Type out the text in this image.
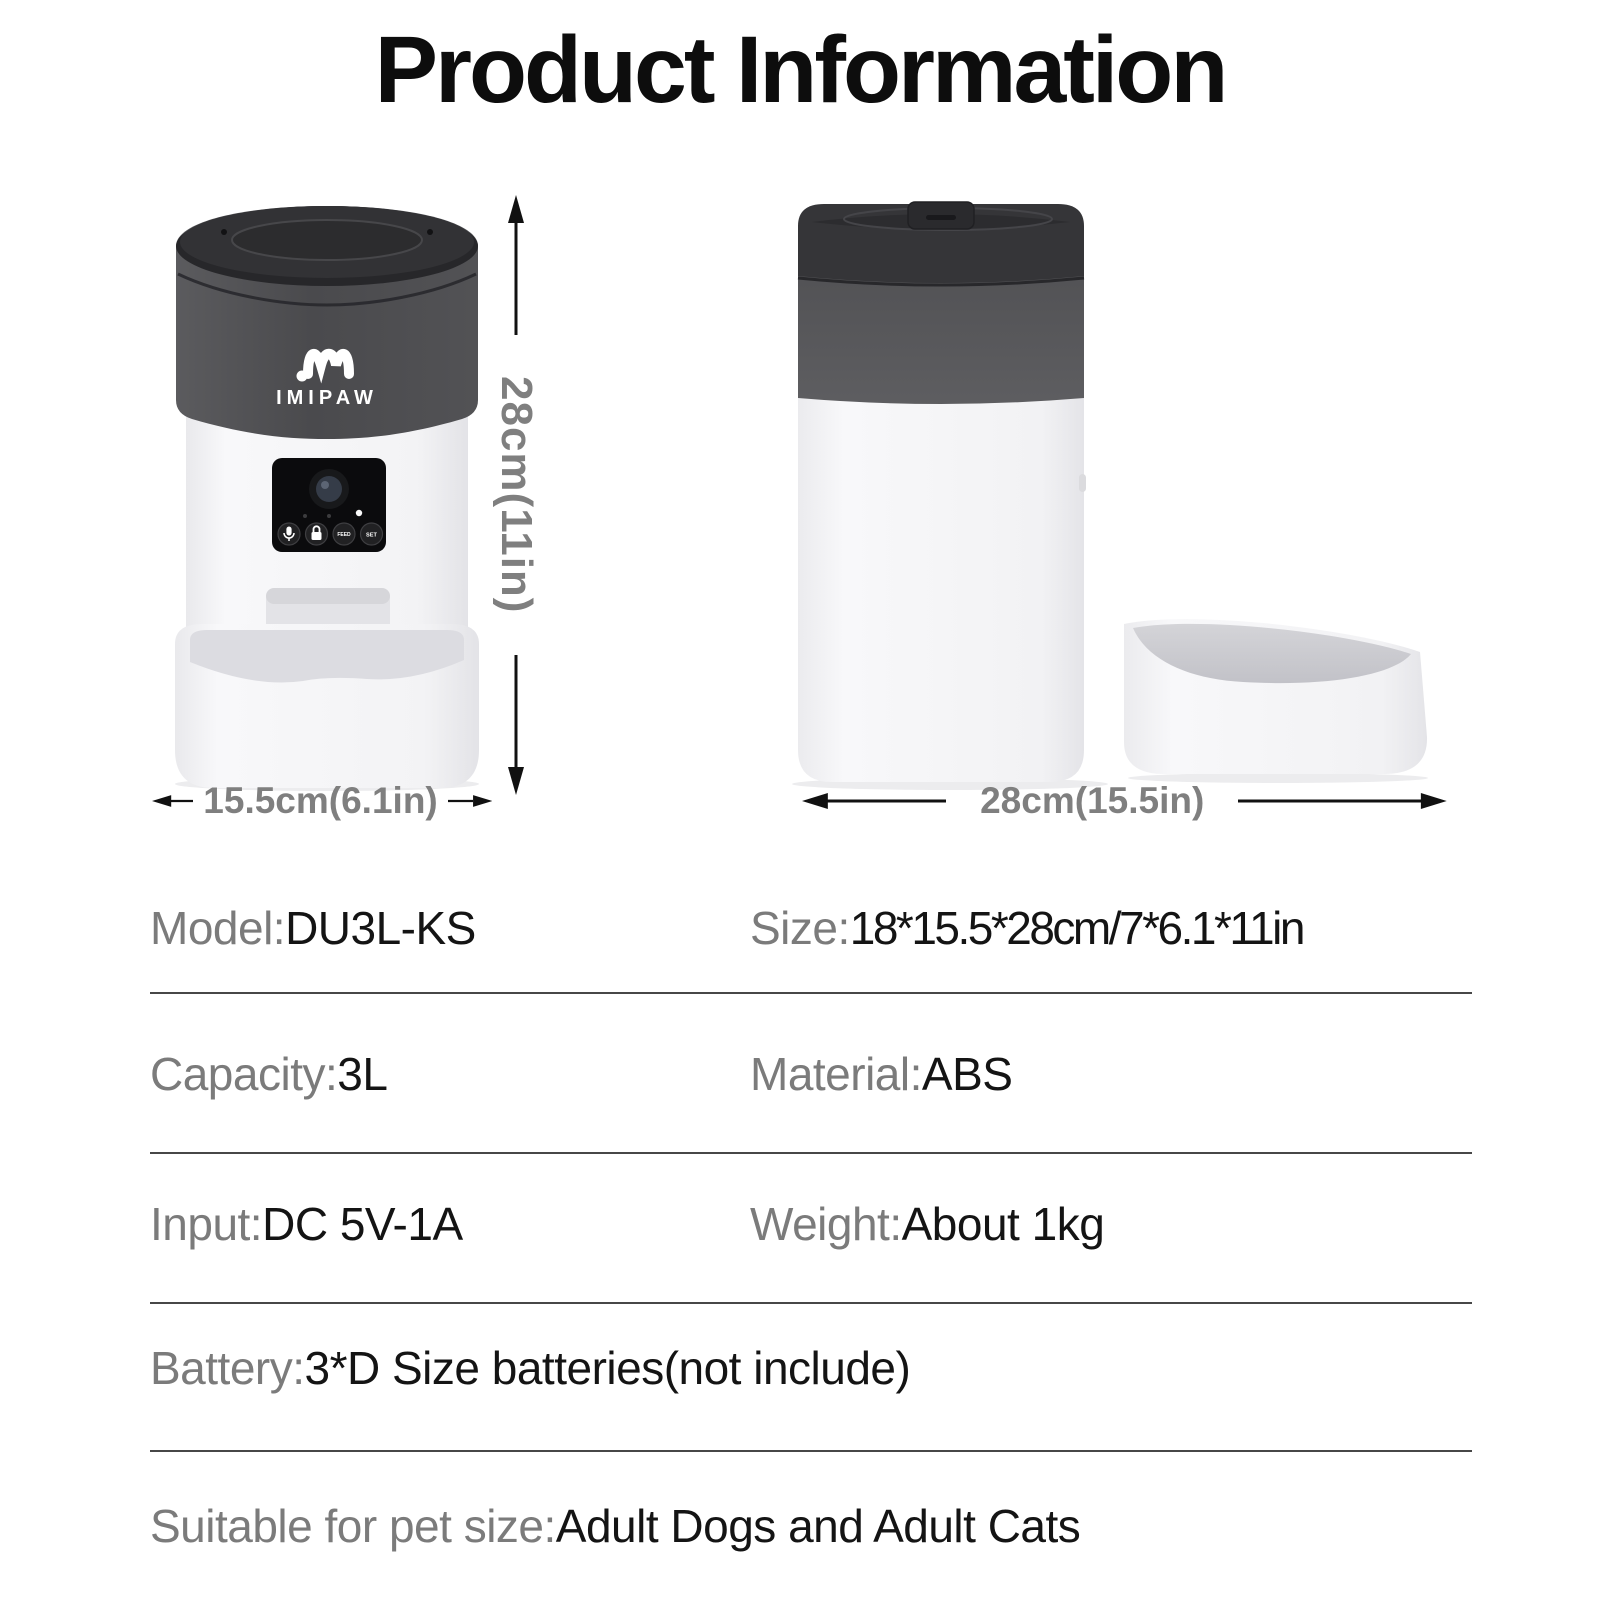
Product Information
IMIPAW
FEED	SET	28cm(11in)
15.5cm(6.1in)	28cm(15.5in)
Model:DU3L-KS	Size:18*15.5*28cm/7*6.1*11in
Capacity:3L	Material:ABS
Input:DC 5V-1A	Weight:About 1kg
Battery:3*D Size batteries(not include)
Suitable for pet size:Adult Dogs and Adult Cats
